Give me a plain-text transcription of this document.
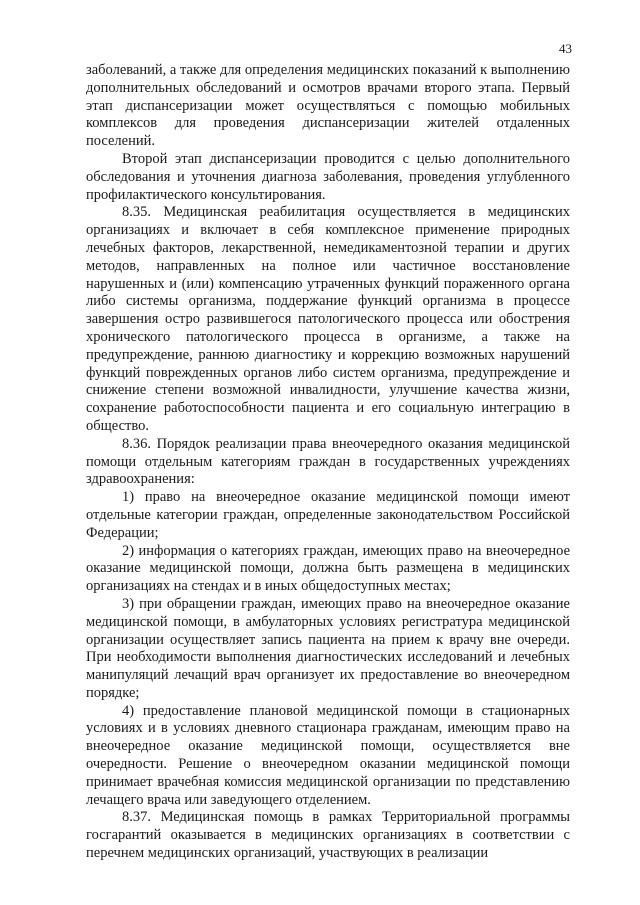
43

заболеваний, а также для определения медицинских показаний к выполнению дополнительных обследований и осмотров врачами второго этапа. Первый этап диспансеризации может осуществляться с помощью мобильных комплексов для проведения диспансеризации жителей отдаленных поселений.

Второй этап диспансеризации проводится с целью дополнительного обследования и уточнения диагноза заболевания, проведения углубленного профилактического консультирования.

8.35. Медицинская реабилитация осуществляется в медицинских организациях и включает в себя комплексное применение природных лечебных факторов, лекарственной, немедикаментозной терапии и других методов, направленных на полное или частичное восстановление нарушенных и (или) компенсацию утраченных функций пораженного органа либо системы организма, поддержание функций организма в процессе завершения остро развившегося патологического процесса или обострения хронического патологического процесса в организме, а также на предупреждение, раннюю диагностику и коррекцию возможных нарушений функций поврежденных органов либо систем организма, предупреждение и снижение степени возможной инвалидности, улучшение качества жизни, сохранение работоспособности пациента и его социальную интеграцию в общество.

8.36. Порядок реализации права внеочередного оказания медицинской помощи отдельным категориям граждан в государственных учреждениях здравоохранения:

1) право на внеочередное оказание медицинской помощи имеют отдельные категории граждан, определенные законодательством Российской Федерации;

2) информация о категориях граждан, имеющих право на внеочередное оказание медицинской помощи, должна быть размещена в медицинских организациях на стендах и в иных общедоступных местах;

3) при обращении граждан, имеющих право на внеочередное оказание медицинской помощи, в амбулаторных условиях регистратура медицинской организации осуществляет запись пациента на прием к врачу вне очереди. При необходимости выполнения диагностических исследований и лечебных манипуляций лечащий врач организует их предоставление во внеочередном порядке;

4) предоставление плановой медицинской помощи в стационарных условиях и в условиях дневного стационара гражданам, имеющим право на внеочередное оказание медицинской помощи, осуществляется вне очередности. Решение о внеочередном оказании медицинской помощи принимает врачебная комиссия медицинской организации по представлению лечащего врача или заведующего отделением.

8.37. Медицинская помощь в рамках Территориальной программы госгарантий оказывается в медицинских организациях в соответствии с перечнем медицинских организаций, участвующих в реализации
